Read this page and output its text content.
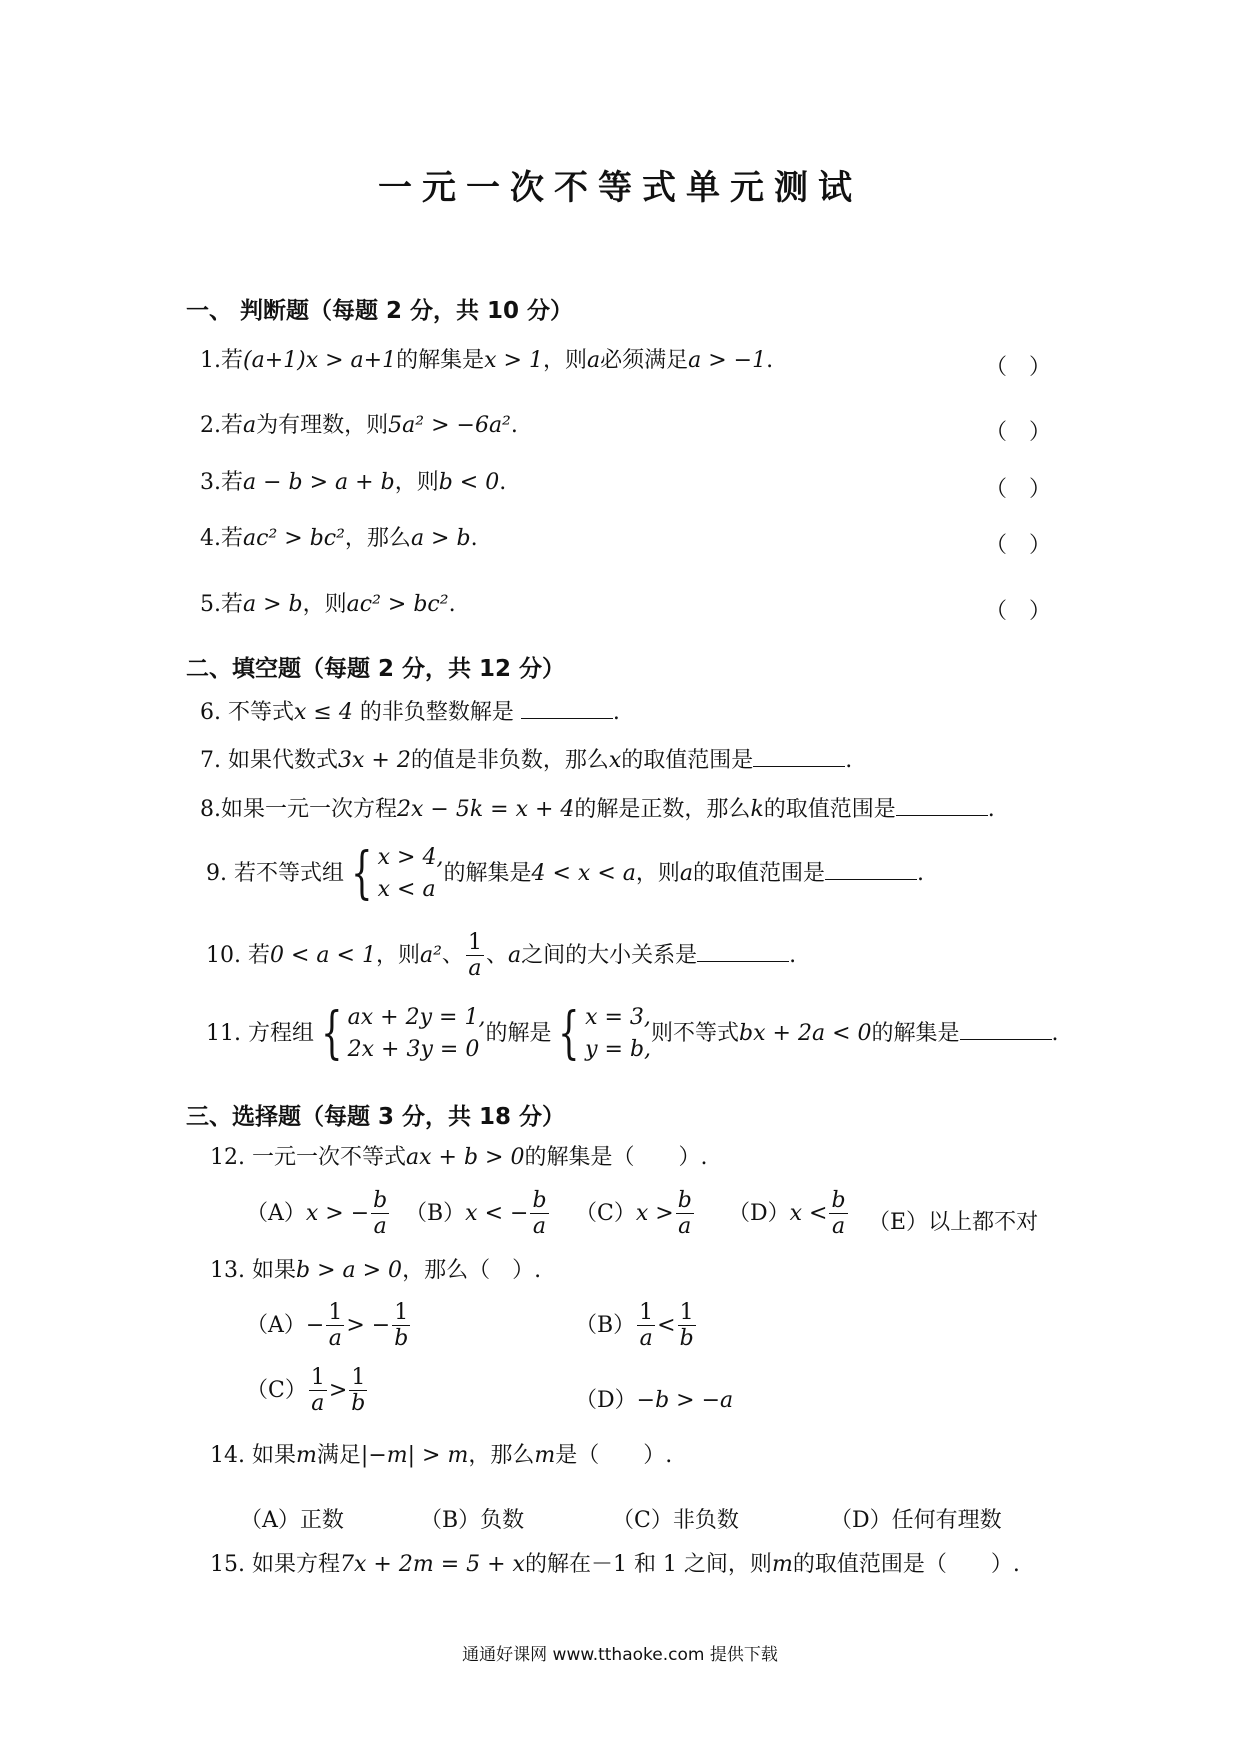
一元一次不等式单元测试
一、 判断题（每题 2 分，共 10 分）
1.若(a+1)x > a+1的解集是x > 1，则a必须满足a > −1.	（　）
2.若a为有理数，则5a² > −6a².	（　）
3.若a − b > a + b，则b < 0.	（　）
4.若ac² > bc²，那么a > b.	（　）
5.若a > b，则ac² > bc².	（　）
二、填空题（每题 2 分，共 12 分）
6. 不等式x ≤ 4 的非负整数解是	.
7. 如果代数式3x + 2的值是非负数，那么x的取值范围是	.
8.如果一元一次方程2x − 5k = x + 4的解是正数，那么k的取值范围是	.
9. 若不等式组 { x > 4,
x < a
的解集是4 < x < a，则a的取值范围是	.
10. 若0 < a < 1，则a²、 $\frac{1}{a}$ 、a之间的大小关系是	.
11. 方程组 { ax + 2y = 1,
2x + 3y = 0
的解是 { x = 3,
y = b,
则不等式bx + 2a < 0的解集是	.
三、选择题（每题 3 分，共 18 分）
12. 一元一次不等式ax + b > 0的解集是（　　）.
（A）x > − $\frac{b}{a} (B)x$ < − $\frac{b}{a} (C)x > \frac{b}{a} (D)x < \frac{b}{a} (E)$以上都不对
13. 如果b > a > 0，那么（　）.
$(A)- \frac{1}{a}$ > − $\frac{1}{b}$	$(B) \frac{1}{a} < \frac{1}{b}$
$(C) \frac{1}{a} > \frac{1}{b}$	（D）−b > −a
14. 如果m满足|−m| > m，那么m是（　　）.
（A）正数	（B）负数	（C）非负数	（D）任何有理数
15. 如果方程7x + 2m = 5 + x的解在－1 和 1 之间，则m的取值范围是（　　）.
通通好课网 www.tthaoke.com 提供下载
